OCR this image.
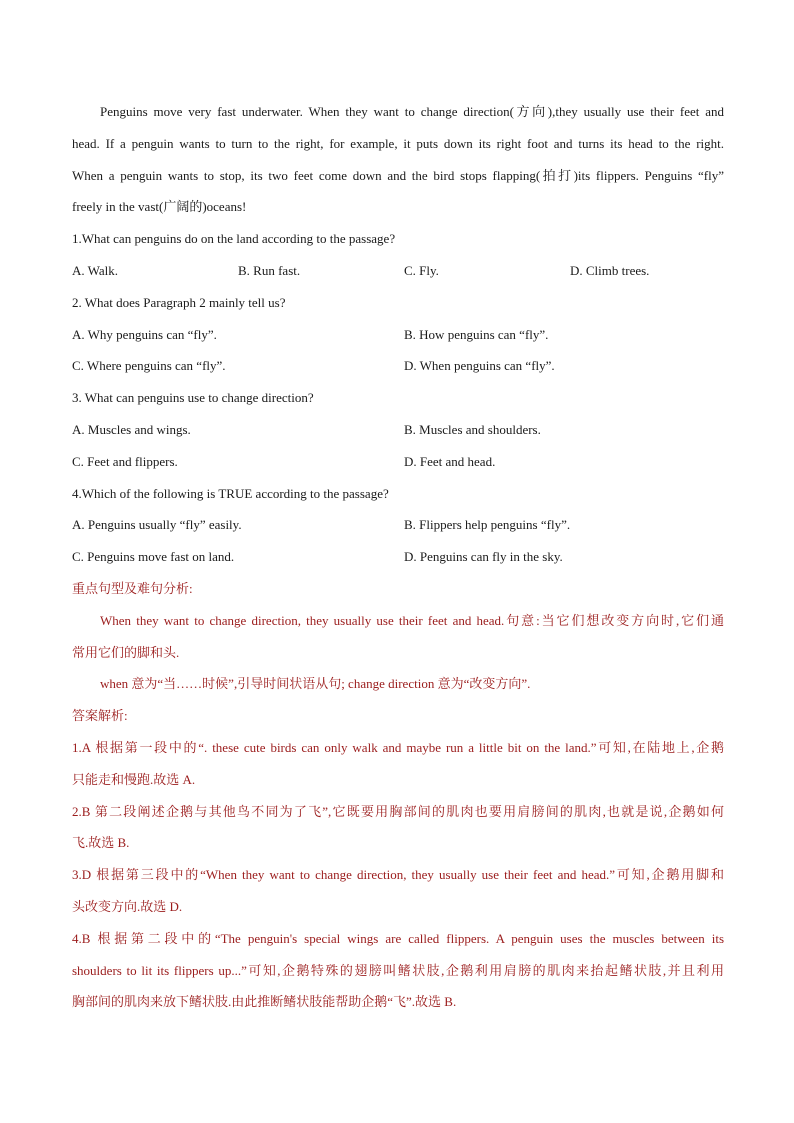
Penguins move very fast underwater. When they want to change direction(方向),they usually use their feet and

head. If a penguin wants to turn to the right, for example, it puts down its right foot and turns its head to the right.

When a penguin wants to stop, its two feet come down and the bird stops flapping(拍打)its flippers. Penguins “fly”

freely in the vast(广阔的)oceans!

1.What can penguins do on the land according to the passage?

A. Walk.	B. Run fast.	C. Fly.	D. Climb trees.

2. What does Paragraph 2 mainly tell us?

A. Why penguins can “fly”.	B. How penguins can “fly”.
C. Where penguins can “fly”.	D. When penguins can “fly”.

3. What can penguins use to change direction?

A. Muscles and wings.	B. Muscles and shoulders.
C. Feet and flippers.	D. Feet and head.

4.Which of the following is TRUE according to the passage?

A. Penguins usually “fly” easily.	B. Flippers help penguins “fly”.
C. Penguins move fast on land.	D. Penguins can fly in the sky.

重点句型及难句分析:

When they want to change direction, they usually use their feet and head.句意:当它们想改变方向时,它们通

常用它们的脚和头.

when 意为“当……时候”,引导时间状语从句; change direction 意为“改变方向”.

答案解析:

1.A 根据第一段中的“. these cute birds can only walk and maybe run a little bit on the land.”可知,在陆地上,企鹅

只能走和慢跑.故选 A.

2.B 第二段阐述企鹅与其他鸟不同为了飞”,它既要用胸部间的肌肉也要用肩膀间的肌肉,也就是说,企鹅如何

飞.故选 B.

3.D 根据第三段中的“When they want to change direction, they usually use their feet and head.”可知,企鹅用脚和

头改变方向.故选 D.

4.B 根据第二段中的“The penguin's special wings are called flippers. A penguin uses the muscles between its

shoulders to lit its flippers up...”可知,企鹅特殊的翅膀叫鳍状肢,企鹅利用肩膀的肌肉来抬起鳍状肢,并且利用

胸部间的肌肉来放下鳍状肢.由此推断鳍状肢能帮助企鹅“飞”.故选 B.
